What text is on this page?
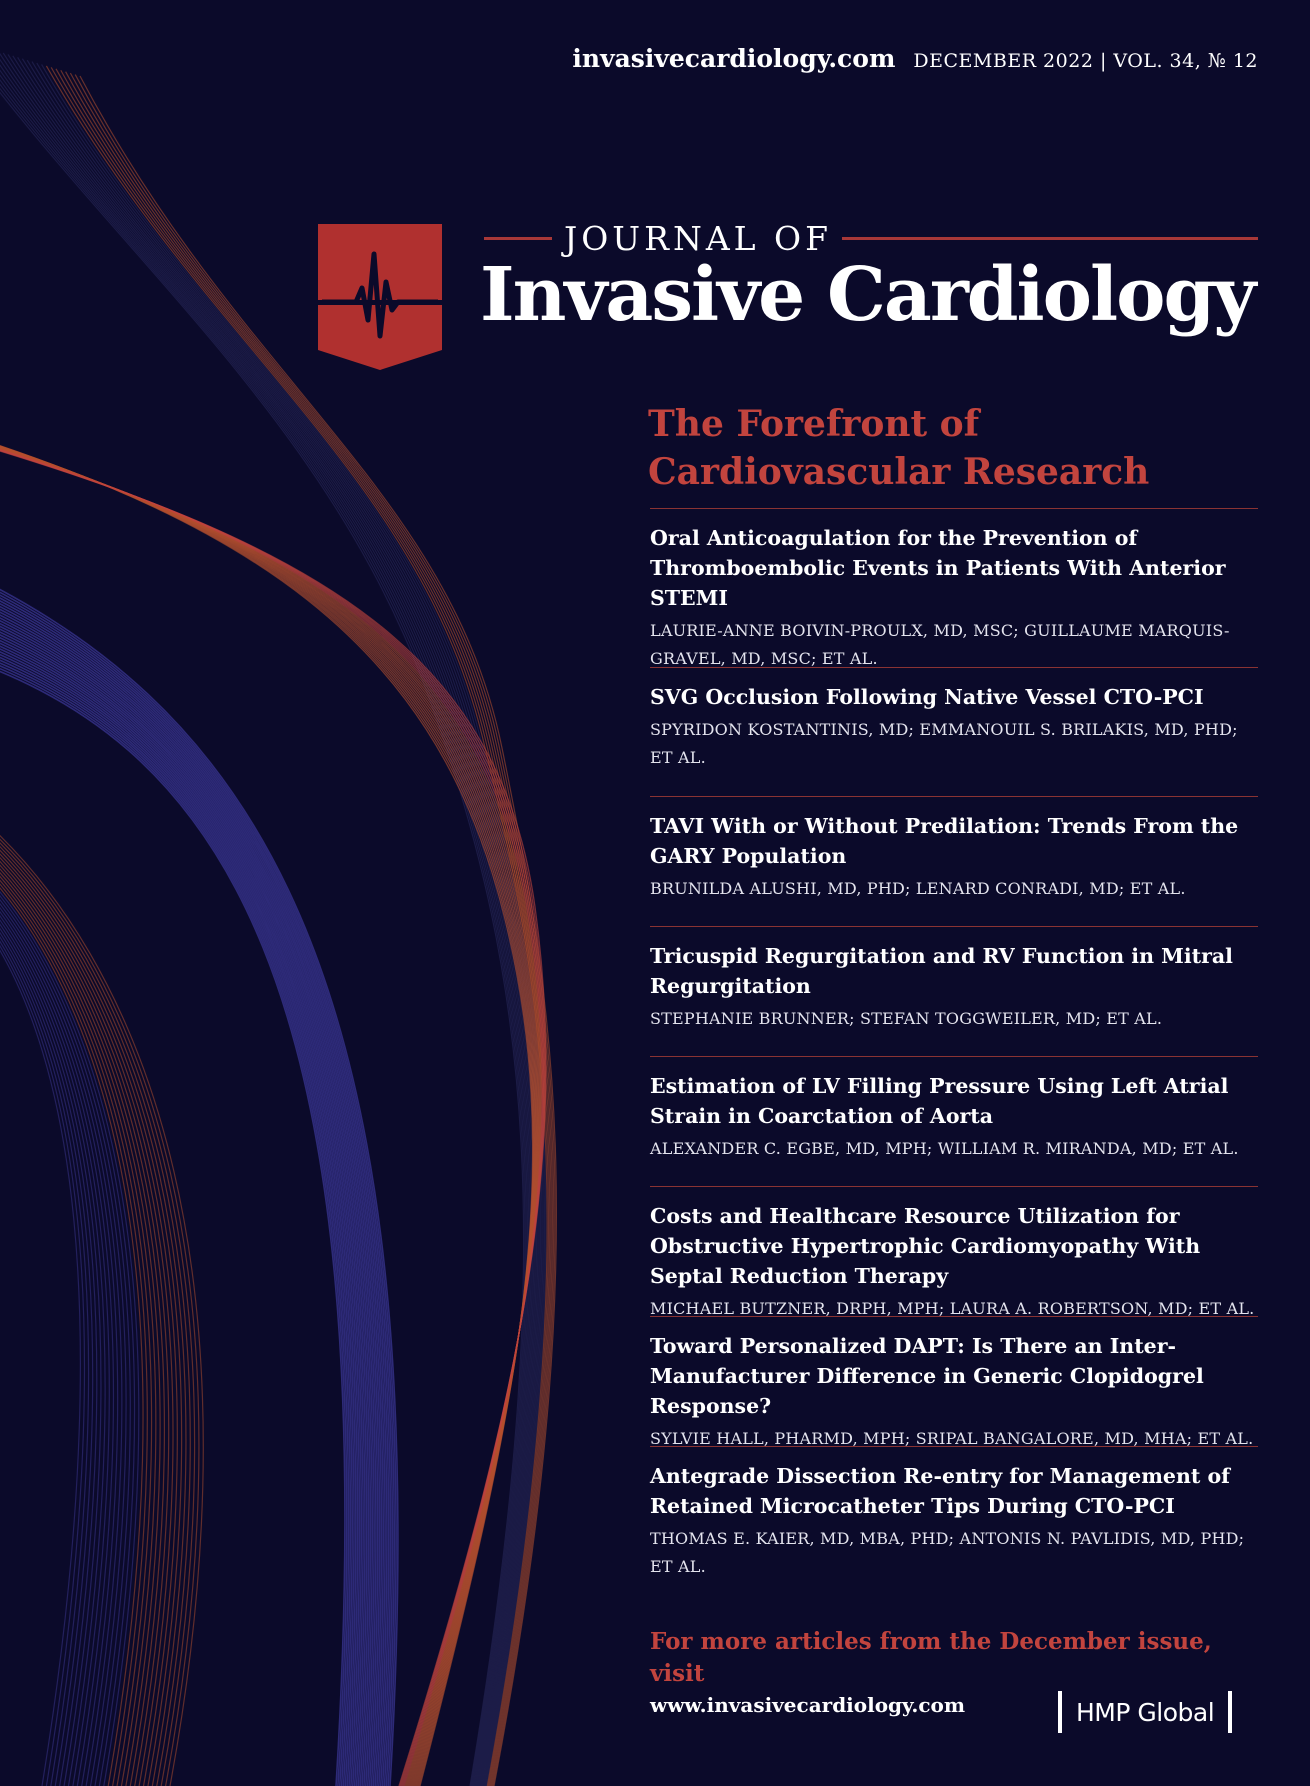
invasivecardiology.com DECEMBER 2022 | VOL. 34, № 12
JOURNAL OF
Invasive Cardiology
The Forefront of
Cardiovascular Research
Oral Anticoagulation for the Prevention of Thromboembolic Events in Patients With Anterior STEMI
LAURIE-ANNE BOIVIN-PROULX, MD, MSC; GUILLAUME MARQUIS-GRAVEL, MD, MSC; ET AL.
SVG Occlusion Following Native Vessel CTO-PCI
SPYRIDON KOSTANTINIS, MD; EMMANOUIL S. BRILAKIS, MD, PHD; ET AL.
TAVI With or Without Predilation: Trends From the GARY Population
BRUNILDA ALUSHI, MD, PHD; LENARD CONRADI, MD; ET AL.
Tricuspid Regurgitation and RV Function in Mitral Regurgitation
STEPHANIE BRUNNER; STEFAN TOGGWEILER, MD; ET AL.
Estimation of LV Filling Pressure Using Left Atrial Strain in Coarctation of Aorta
ALEXANDER C. EGBE, MD, MPH; WILLIAM R. MIRANDA, MD; ET AL.
Costs and Healthcare Resource Utilization for Obstructive Hypertrophic Cardiomyopathy With Septal Reduction Therapy
MICHAEL BUTZNER, DRPH, MPH; LAURA A. ROBERTSON, MD; ET AL.
Toward Personalized DAPT: Is There an Inter-Manufacturer Difference in Generic Clopidogrel Response?
SYLVIE HALL, PHARMD, MPH; SRIPAL BANGALORE, MD, MHA; ET AL.
Antegrade Dissection Re-entry for Management of Retained Microcatheter Tips During CTO-PCI
THOMAS E. KAIER, MD, MBA, PHD; ANTONIS N. PAVLIDIS, MD, PHD; ET AL.
For more articles from the December issue, visit
www.invasivecardiology.com	HMP Global
